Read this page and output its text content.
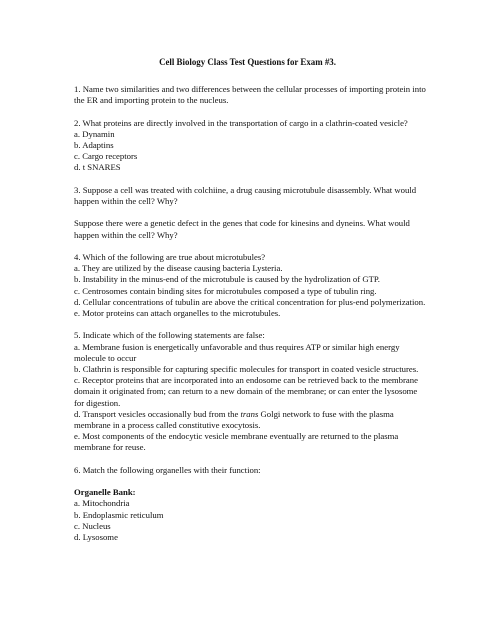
Cell Biology Class Test Questions for Exam #3.

1. Name two similarities and two differences between the cellular processes of importing protein into the ER and importing protein to the nucleus.

2. What proteins are directly involved in the transportation of cargo in a clathrin-coated vesicle?

a. Dynamin
b. Adaptins
c. Cargo receptors
d. t SNARES

3. Suppose a cell was treated with colchiine, a drug causing microtubule disassembly. What would happen within the cell? Why?

Suppose there were a genetic defect in the genes that code for kinesins and dyneins. What would happen within the cell? Why?

4. Which of the following are true about microtubules?

a. They are utilized by the disease causing bacteria Lysteria.
b. Instability in the minus-end of the microtubule is caused by the hydrolization of GTP.
c. Centrosomes contain binding sites for microtubules composed a type of tubulin ring.
d. Cellular concentrations of tubulin are above the critical concentration for plus-end polymerization.
e. Motor proteins can attach organelles to the microtubules.

5. Indicate which of the following statements are false:

a. Membrane fusion is energetically unfavorable and thus requires ATP or similar high energy molecule to occur
b. Clathrin is responsible for capturing specific molecules for transport in coated vesicle structures.
c. Receptor proteins that are incorporated into an endosome can be retrieved back to the membrane domain it originated from; can return to a new domain of the membrane; or can enter the lysosome for digestion.
d. Transport vesicles occasionally bud from the trans Golgi network to fuse with the plasma membrane in a process called constitutive exocytosis.
e. Most components of the endocytic vesicle membrane eventually are returned to the plasma membrane for reuse.

6. Match the following organelles with their function:

Organelle Bank:

a. Mitochondria
b. Endoplasmic reticulum
c. Nucleus
d. Lysosome
